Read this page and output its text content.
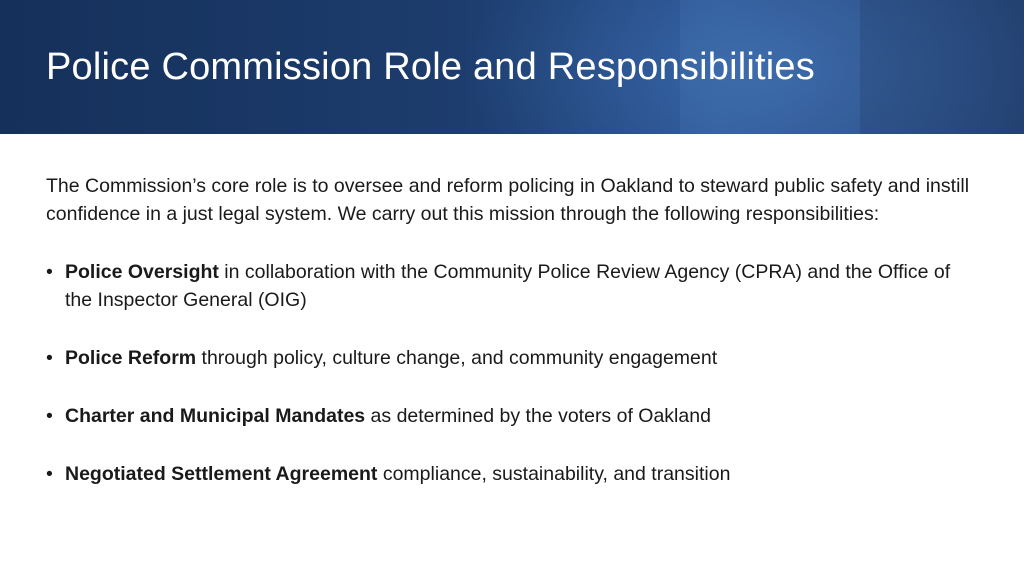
Police Commission Role and Responsibilities

The Commission’s core role is to oversee and reform policing in Oakland to steward public safety and instill confidence in a just legal system. We carry out this mission through the following responsibilities:

• Police Oversight in collaboration with the Community Police Review Agency (CPRA) and the Office of the Inspector General (OIG)
• Police Reform through policy, culture change, and community engagement
• Charter and Municipal Mandates as determined by the voters of Oakland
• Negotiated Settlement Agreement compliance, sustainability, and transition
